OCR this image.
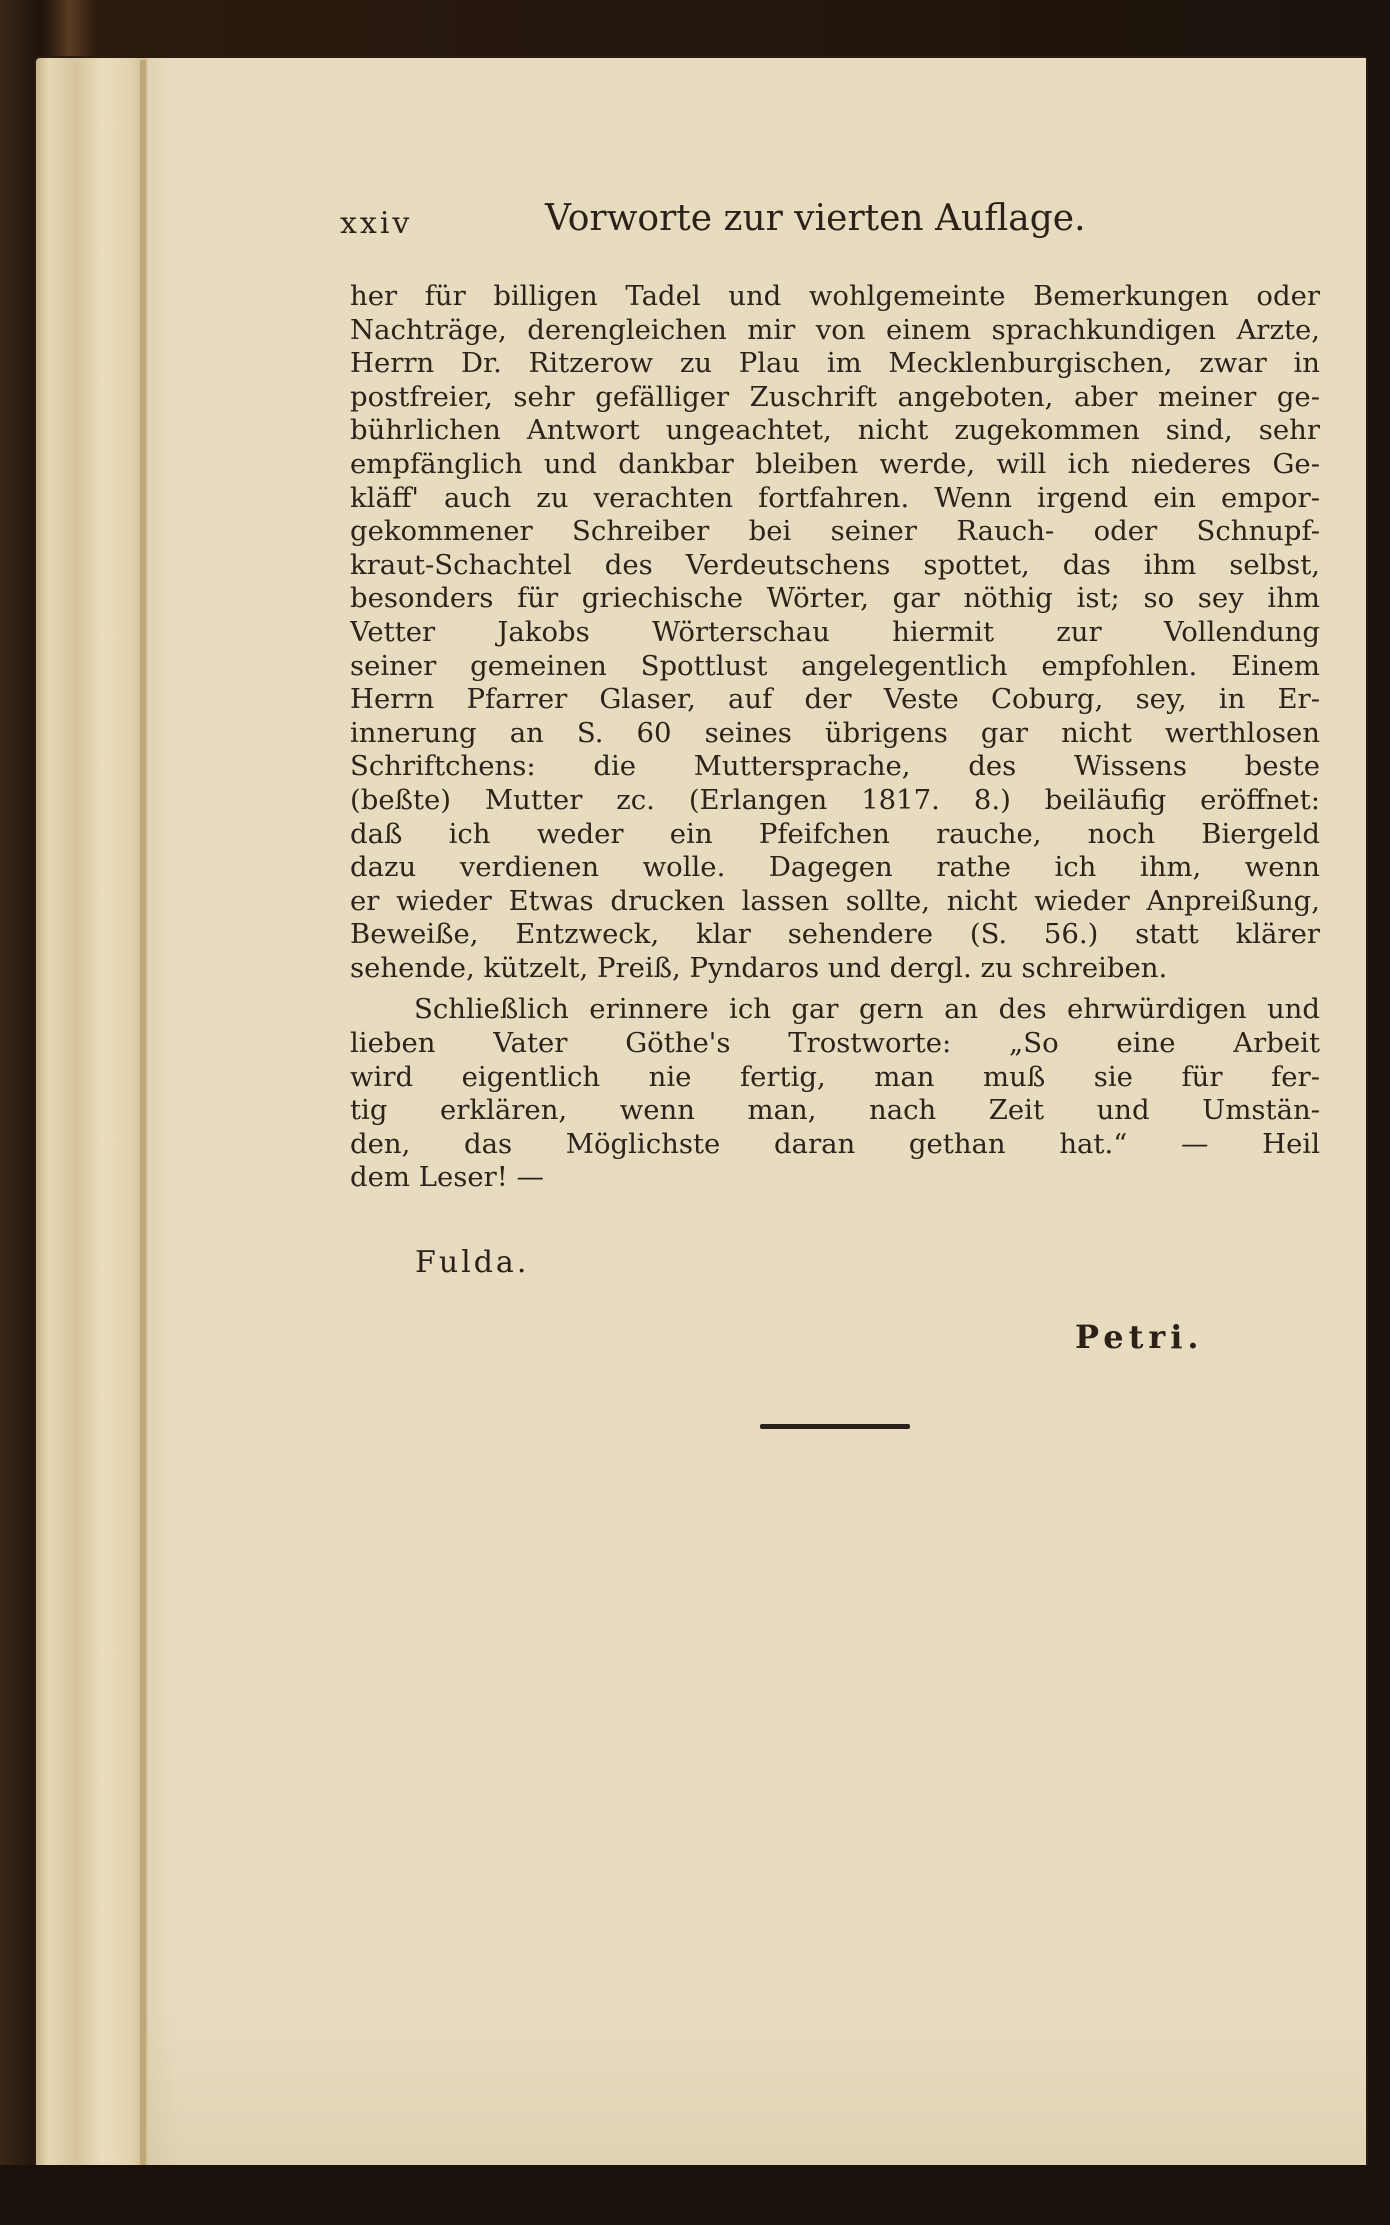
xxiv	Vorworte zur vierten Auflage.
her für billigen Tadel und wohlgemeinte Bemerkungen oder
Nachträge, derengleichen mir von einem sprachkundigen Arzte,
Herrn Dr. Ritzerow zu Plau im Mecklenburgischen, zwar in
postfreier, sehr gefälliger Zuschrift angeboten, aber meiner ge-
bührlichen Antwort ungeachtet, nicht zugekommen sind, sehr
empfänglich und dankbar bleiben werde, will ich niederes Ge-
kläff' auch zu verachten fortfahren. Wenn irgend ein empor-
gekommener Schreiber bei seiner Rauch- oder Schnupf-
kraut-Schachtel des Verdeutschens spottet, das ihm selbst,
besonders für griechische Wörter, gar nöthig ist; so sey ihm
Vetter Jakobs Wörterschau hiermit zur Vollendung
seiner gemeinen Spottlust angelegentlich empfohlen. Einem
Herrn Pfarrer Glaser, auf der Veste Coburg, sey, in Er-
innerung an S. 60 seines übrigens gar nicht werthlosen
Schriftchens: die Muttersprache, des Wissens beste
(beßte) Mutter zc. (Erlangen 1817. 8.) beiläufig eröffnet:
daß ich weder ein Pfeifchen rauche, noch Biergeld
dazu verdienen wolle. Dagegen rathe ich ihm, wenn
er wieder Etwas drucken lassen sollte, nicht wieder Anpreißung,
Beweiße, Entzweck, klar sehendere (S. 56.) statt klärer
sehende, kützelt, Preiß, Pyndaros und dergl. zu schreiben.
Schließlich erinnere ich gar gern an des ehrwürdigen und
lieben Vater Göthe's Trostworte: „So eine Arbeit
wird eigentlich nie fertig, man muß sie für fer-
tig erklären, wenn man, nach Zeit und Umstän-
den, das Möglichste daran gethan hat.“ — Heil
dem Leser! —
Fulda.
Petri.
